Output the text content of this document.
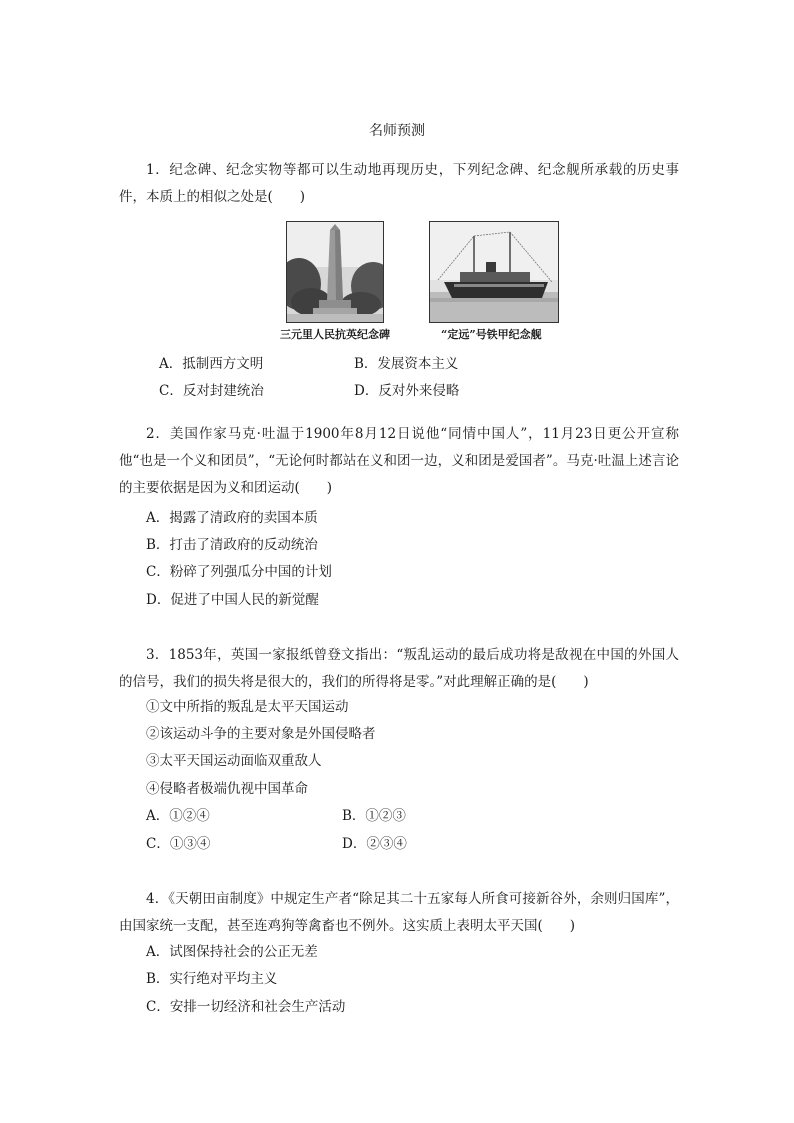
名师预测
1．纪念碑、纪念实物等都可以生动地再现历史，下列纪念碑、纪念舰所承载的历史事件，本质上的相似之处是(　　)
三元里人民抗英纪念碑	“定远”号铁甲纪念舰
A．抵制西方文明	B．发展资本主义
C．反对封建统治	D．反对外来侵略
2．美国作家马克·吐温于1900年8月12日说他“同情中国人”，11月23日更公开宣称他“也是一个义和团员”，“无论何时都站在义和团一边，义和团是爱国者”。马克·吐温上述言论的主要依据是因为义和团运动(　　)
A．揭露了清政府的卖国本质
B．打击了清政府的反动统治
C．粉碎了列强瓜分中国的计划
D．促进了中国人民的新觉醒
3．1853年，英国一家报纸曾登文指出：“叛乱运动的最后成功将是敌视在中国的外国人的信号，我们的损失将是很大的，我们的所得将是零。”对此理解正确的是(　　)
①文中所指的叛乱是太平天国运动
②该运动斗争的主要对象是外国侵略者
③太平天国运动面临双重敌人
④侵略者极端仇视中国革命
A．①②④	B．①②③
C．①③④	D．②③④
4．《天朝田亩制度》中规定生产者“除足其二十五家每人所食可接新谷外，余则归国库”，由国家统一支配，甚至连鸡狗等禽畜也不例外。这实质上表明太平天国(　　)
A．试图保持社会的公正无差
B．实行绝对平均主义
C．安排一切经济和社会生产活动
